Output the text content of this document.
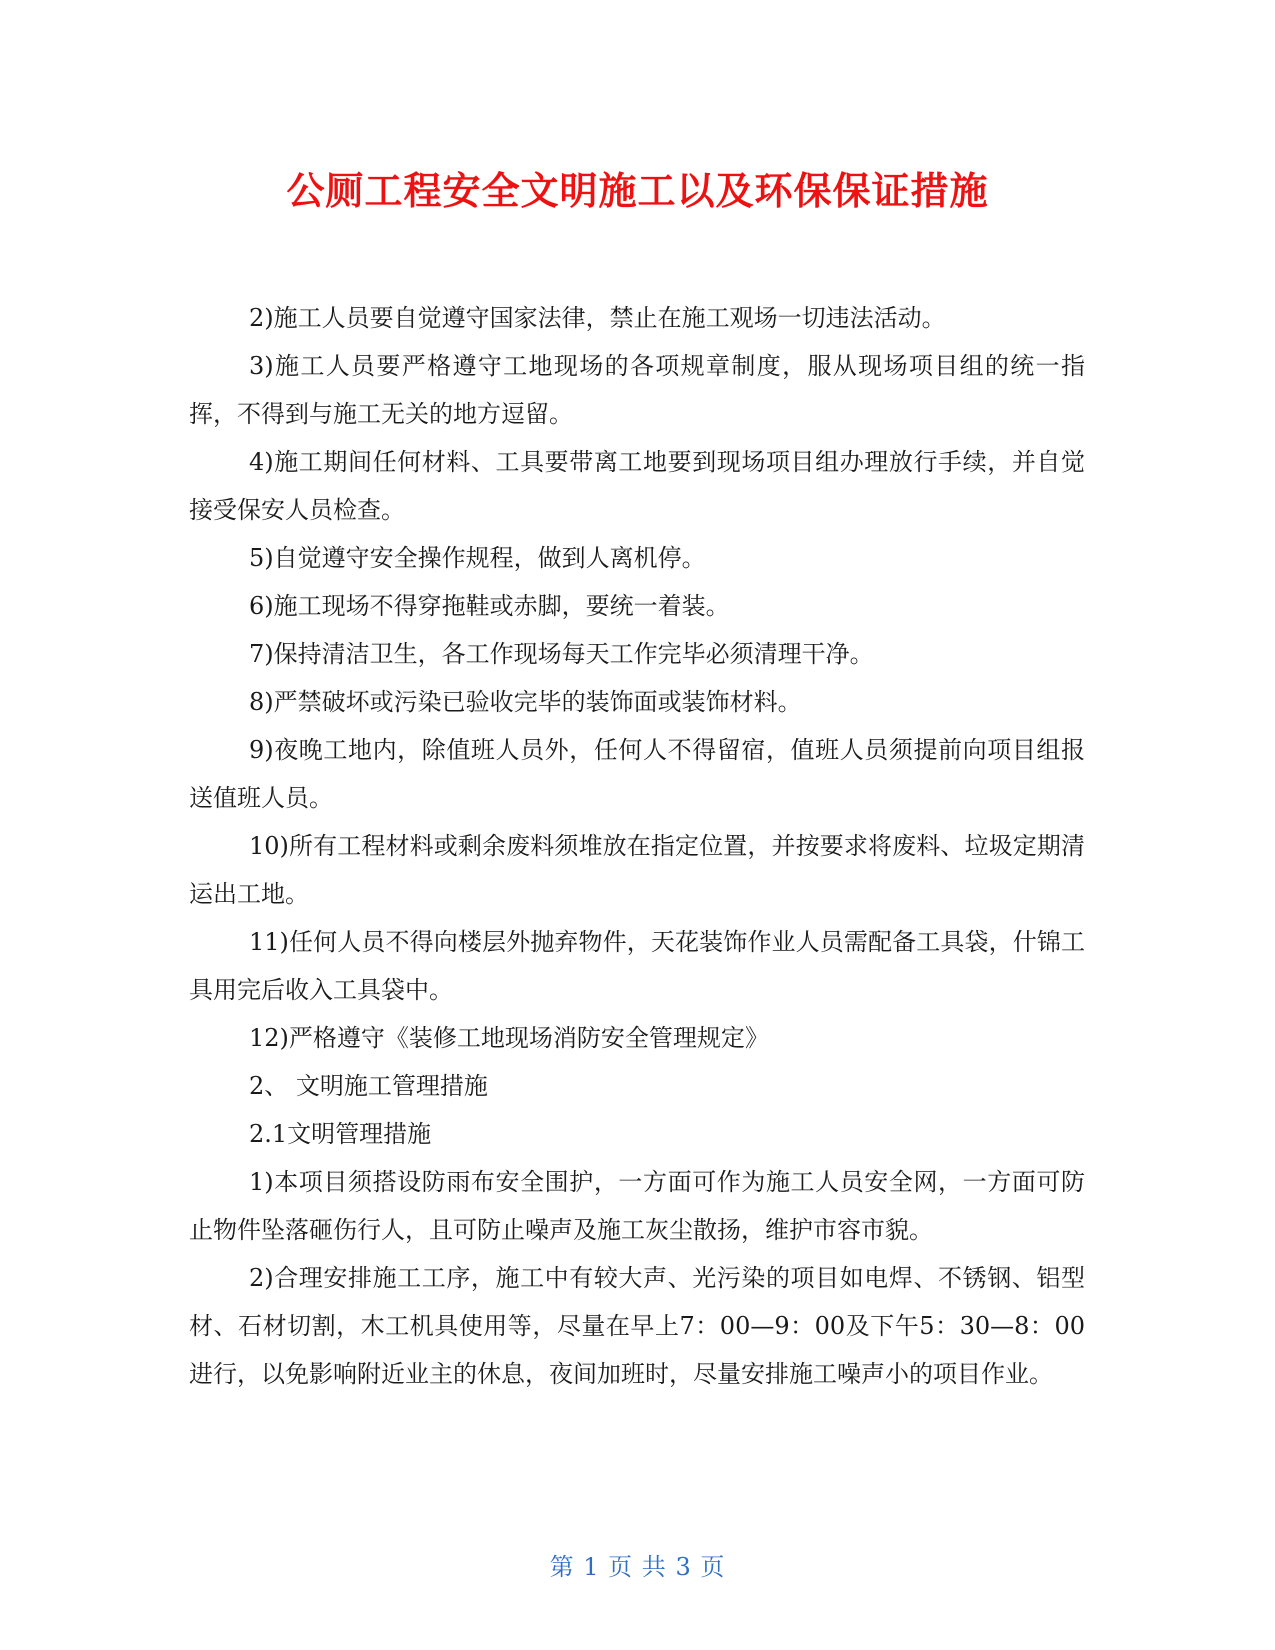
公厕工程安全文明施工以及环保保证措施

2)施工人员要自觉遵守国家法律，禁止在施工观场一切违法活动。

3)施工人员要严格遵守工地现场的各项规章制度，服从现场项目组的统一指挥，不得到与施工无关的地方逗留。

4)施工期间任何材料、工具要带离工地要到现场项目组办理放行手续，并自觉接受保安人员检查。

5)自觉遵守安全操作规程，做到人离机停。

6)施工现场不得穿拖鞋或赤脚，要统一着装。

7)保持清洁卫生，各工作现场每天工作完毕必须清理干净。

8)严禁破坏或污染已验收完毕的装饰面或装饰材料。

9)夜晚工地内，除值班人员外，任何人不得留宿，值班人员须提前向项目组报送值班人员。

10)所有工程材料或剩余废料须堆放在指定位置，并按要求将废料、垃圾定期清运出工地。

11)任何人员不得向楼层外抛弃物件，天花装饰作业人员需配备工具袋，什锦工具用完后收入工具袋中。

12)严格遵守《装修工地现场消防安全管理规定》

2、 文明施工管理措施

2.1文明管理措施

1)本项目须搭设防雨布安全围护，一方面可作为施工人员安全网，一方面可防止物件坠落砸伤行人，且可防止噪声及施工灰尘散扬，维护市容市貌。

2)合理安排施工工序，施工中有较大声、光污染的项目如电焊、不锈钢、铝型材、石材切割，木工机具使用等，尽量在早上7：00—9：00及下午5：30—8：00进行，以免影响附近业主的休息，夜间加班时，尽量安排施工噪声小的项目作业。

第 1 页 共 3 页
